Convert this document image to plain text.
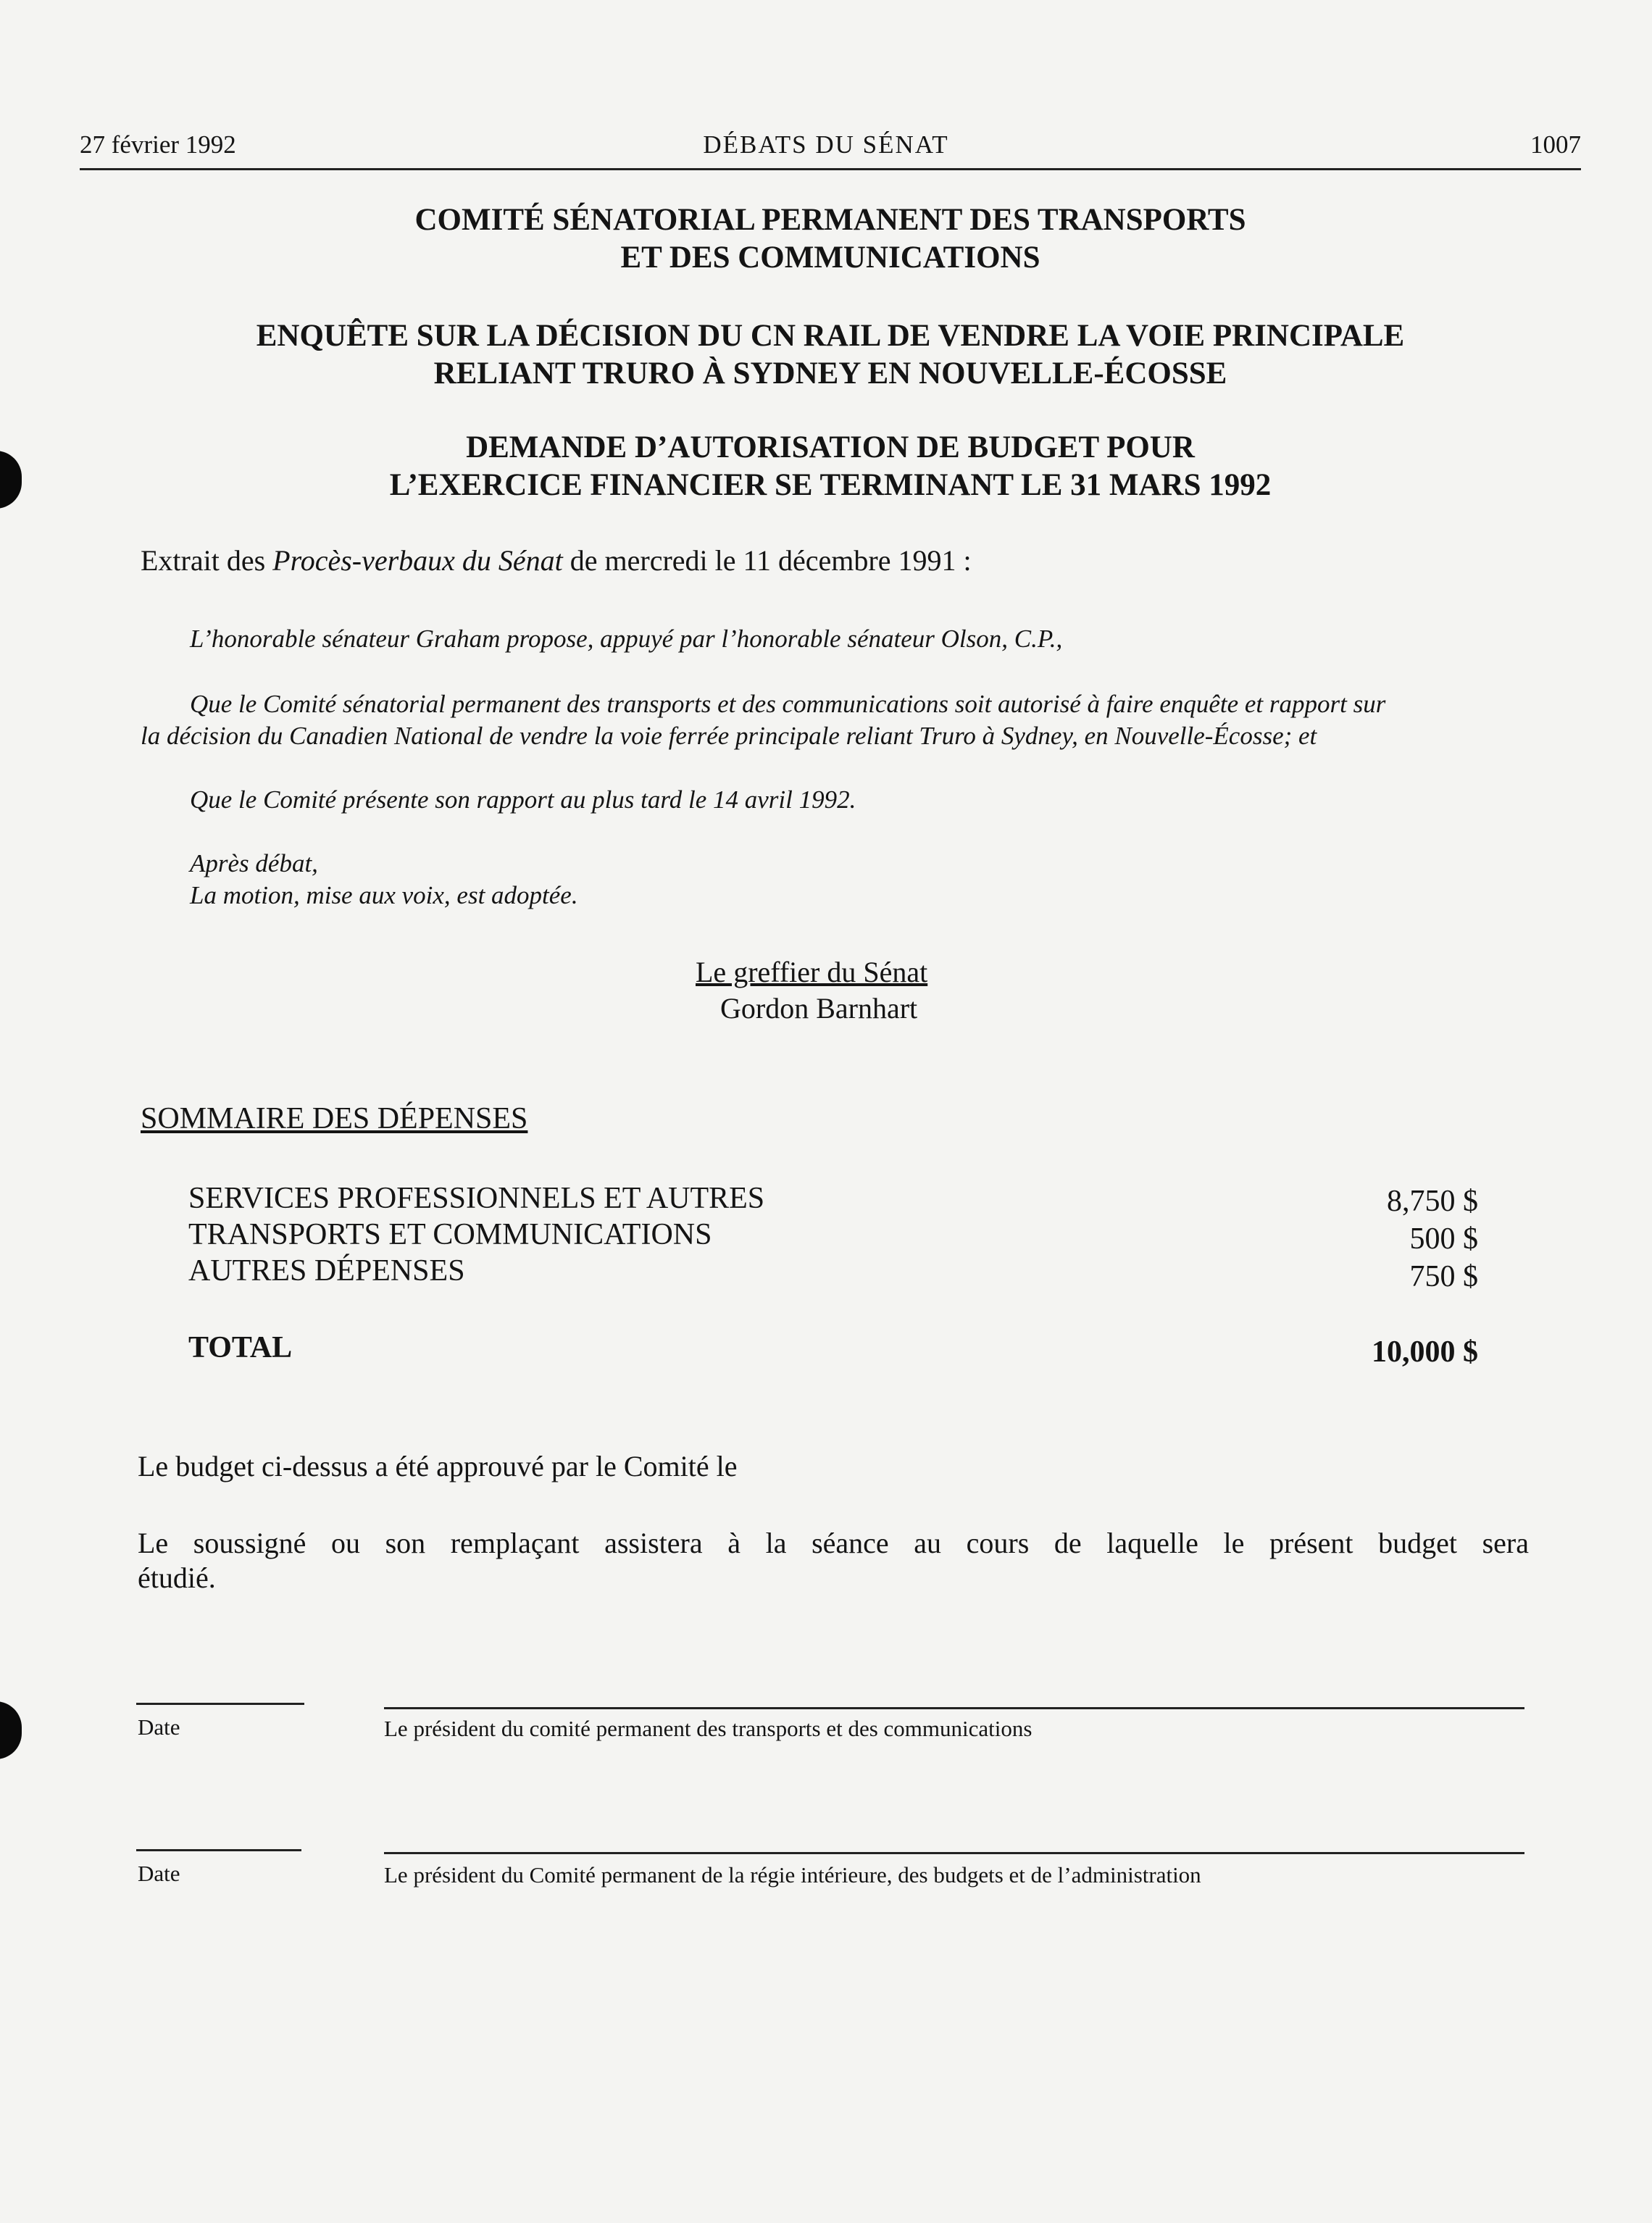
27 février 1992	DÉBATS DU SÉNAT	1007
COMITÉ SÉNATORIAL PERMANENT DES TRANSPORTS
ET DES COMMUNICATIONS
ENQUÊTE SUR LA DÉCISION DU CN RAIL DE VENDRE LA VOIE PRINCIPALE
RELIANT TRURO À SYDNEY EN NOUVELLE-ÉCOSSE
DEMANDE D’AUTORISATION DE BUDGET POUR
L’EXERCICE FINANCIER SE TERMINANT LE 31 MARS 1992
Extrait des Procès-verbaux du Sénat de mercredi le 11 décembre 1991 :
L’honorable sénateur Graham propose, appuyé par l’honorable sénateur Olson, C.P.,
Que le Comité sénatorial permanent des transports et des communications soit autorisé à faire enquête et rapport sur
la décision du Canadien National de vendre la voie ferrée principale reliant Truro à Sydney, en Nouvelle-Écosse; et
Que le Comité présente son rapport au plus tard le 14 avril 1992.
Après débat,
La motion, mise aux voix, est adoptée.
Le greffier du Sénat
Gordon Barnhart
SOMMAIRE DES DÉPENSES
SERVICES PROFESSIONNELS ET AUTRES	8,750 $
TRANSPORTS ET COMMUNICATIONS	500 $
AUTRES DÉPENSES	750 $
TOTAL	10,000 $
Le budget ci-dessus a été approuvé par le Comité le
Le soussigné ou son remplaçant assistera à la séance au cours de laquelle le présent budget sera
étudié.
Date	Le président du comité permanent des transports et des communications
Date	Le président du Comité permanent de la régie intérieure, des budgets et de l’administration
